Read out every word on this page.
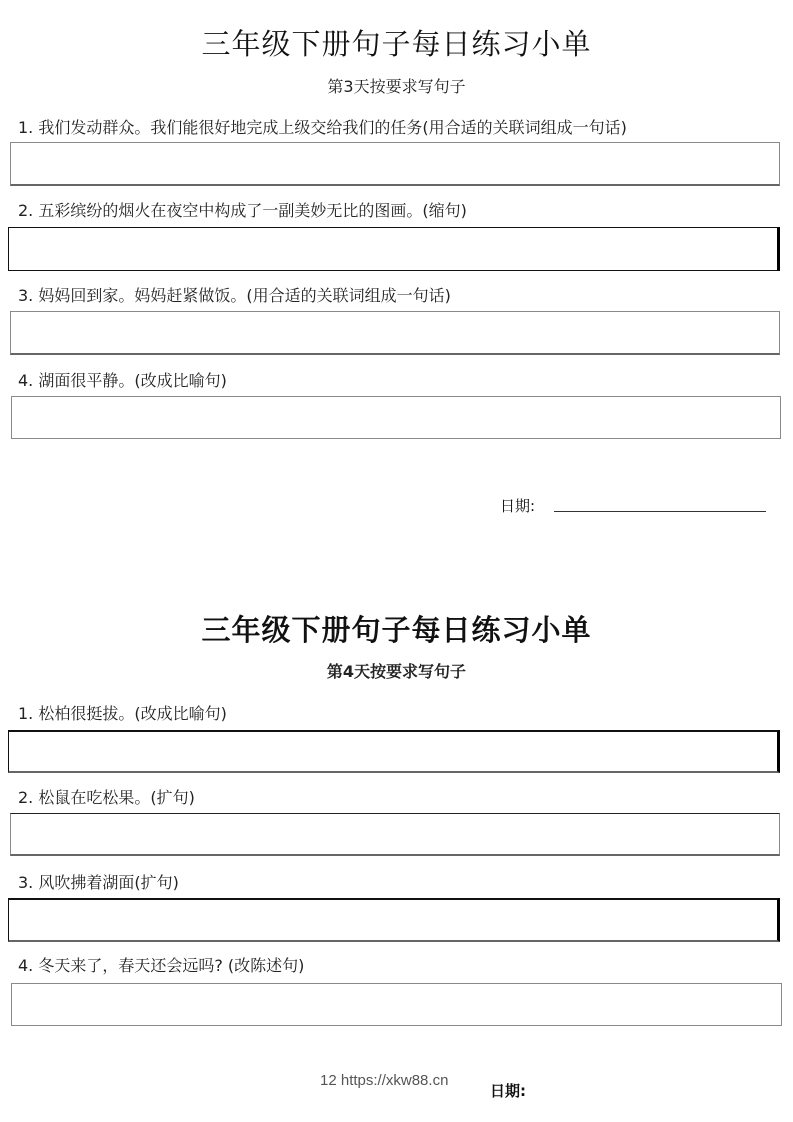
三年级下册句子每日练习小单
第3天按要求写句子
1. 我们发动群众。我们能很好地完成上级交给我们的任务(用合适的关联词组成一句话)
2. 五彩缤纷的烟火在夜空中构成了一副美妙无比的图画。(缩句)
3. 妈妈回到家。妈妈赶紧做饭。(用合适的关联词组成一句话)
4. 湖面很平静。(改成比喻句)
日期:
三年级下册句子每日练习小单
第4天按要求写句子
1. 松柏很挺拔。(改成比喻句)
2. 松鼠在吃松果。(扩句)
3. 风吹拂着湖面(扩句)
4. 冬天来了，春天还会远吗? (改陈述句)
日期:
12 https://xkw88.cn
